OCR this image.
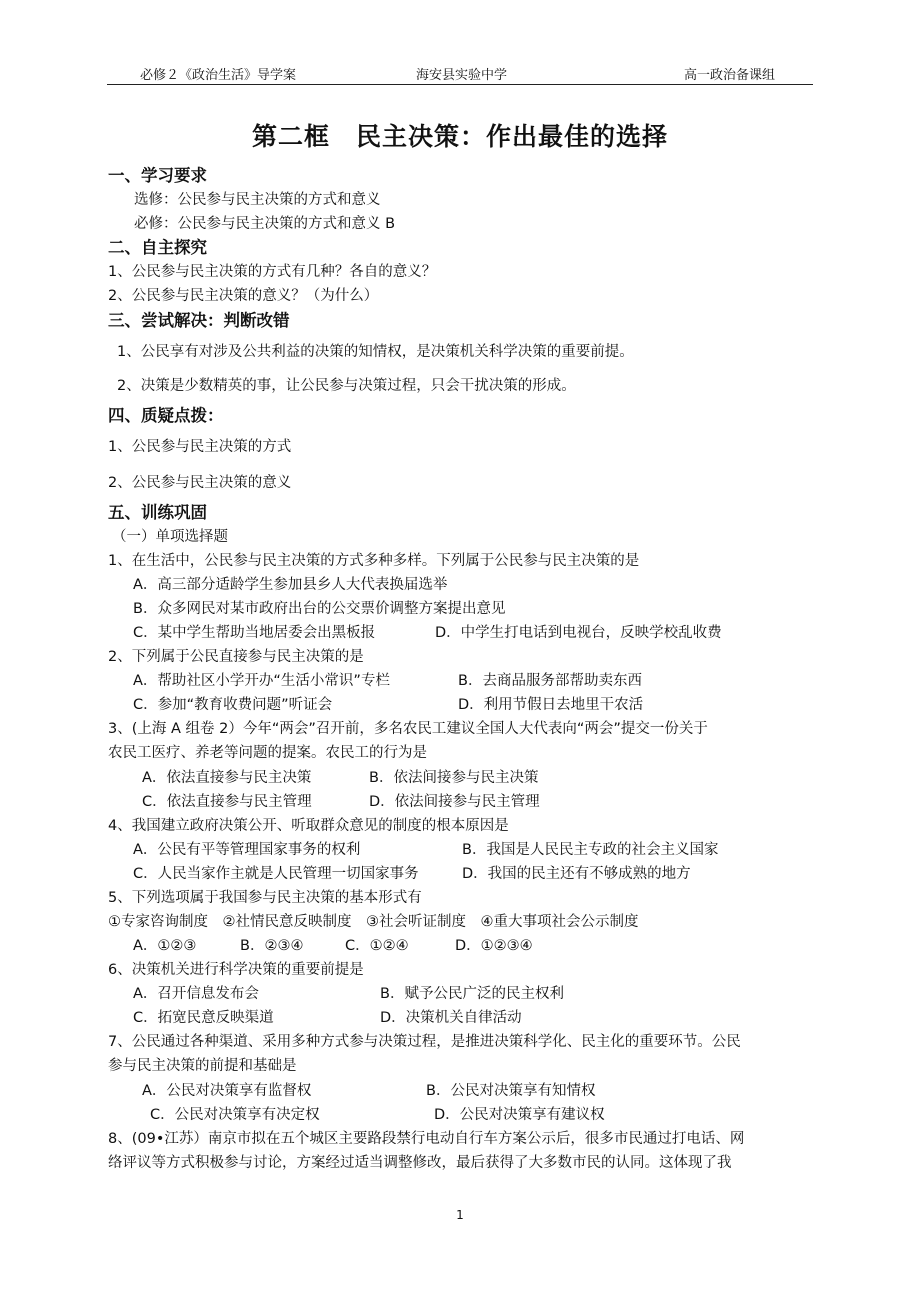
必修２《政治生活》导学案	海安县实验中学	高一政治备课组
第二框　民主决策：作出最佳的选择
一、学习要求
选修：公民参与民主决策的方式和意义
必修：公民参与民主决策的方式和意义 B
二、自主探究
1、公民参与民主决策的方式有几种？各自的意义？
2、公民参与民主决策的意义？（为什么）
三、尝试解决：判断改错
1、公民享有对涉及公共利益的决策的知情权，是决策机关科学决策的重要前提。
2、决策是少数精英的事，让公民参与决策过程，只会干扰决策的形成。
四、质疑点拨：
1、公民参与民主决策的方式
2、公民参与民主决策的意义
五、训练巩固
（一）单项选择题
1、在生活中，公民参与民主决策的方式多种多样。下列属于公民参与民主决策的是
A．高三部分适龄学生参加县乡人大代表换届选举
B．众多网民对某市政府出台的公交票价调整方案提出意见
C．某中学生帮助当地居委会出黑板报	D．中学生打电话到电视台，反映学校乱收费
2、下列属于公民直接参与民主决策的是
A．帮助社区小学开办“生活小常识”专栏	B．去商品服务部帮助卖东西
C．参加“教育收费问题”听证会	D．利用节假日去地里干农活
3、(上海 A 组卷 2）今年“两会”召开前，多名农民工建议全国人大代表向“两会”提交一份关于
农民工医疗、养老等问题的提案。农民工的行为是
A．依法直接参与民主决策	B．依法间接参与民主决策
C．依法直接参与民主管理	D．依法间接参与民主管理
4、我国建立政府决策公开、听取群众意见的制度的根本原因是
A．公民有平等管理国家事务的权利	B．我国是人民民主专政的社会主义国家
C．人民当家作主就是人民管理一切国家事务	D．我国的民主还有不够成熟的地方
5、下列选项属于我国参与民主决策的基本形式有
①专家咨询制度　②社情民意反映制度　③社会听证制度　④重大事项社会公示制度
A．①②③	B．②③④	C．①②④	D．①②③④
6、决策机关进行科学决策的重要前提是
A．召开信息发布会	B．赋予公民广泛的民主权利
C．拓宽民意反映渠道	D．决策机关自律活动
7、公民通过各种渠道、采用多种方式参与决策过程，是推进决策科学化、民主化的重要环节。公民
参与民主决策的前提和基础是
A．公民对决策享有监督权	B．公民对决策享有知情权
C．公民对决策享有决定权	D．公民对决策享有建议权
8、(09•江苏）南京市拟在五个城区主要路段禁行电动自行车方案公示后，很多市民通过打电话、网
络评议等方式积极参与讨论，方案经过适当调整修改，最后获得了大多数市民的认同。这体现了我
1
